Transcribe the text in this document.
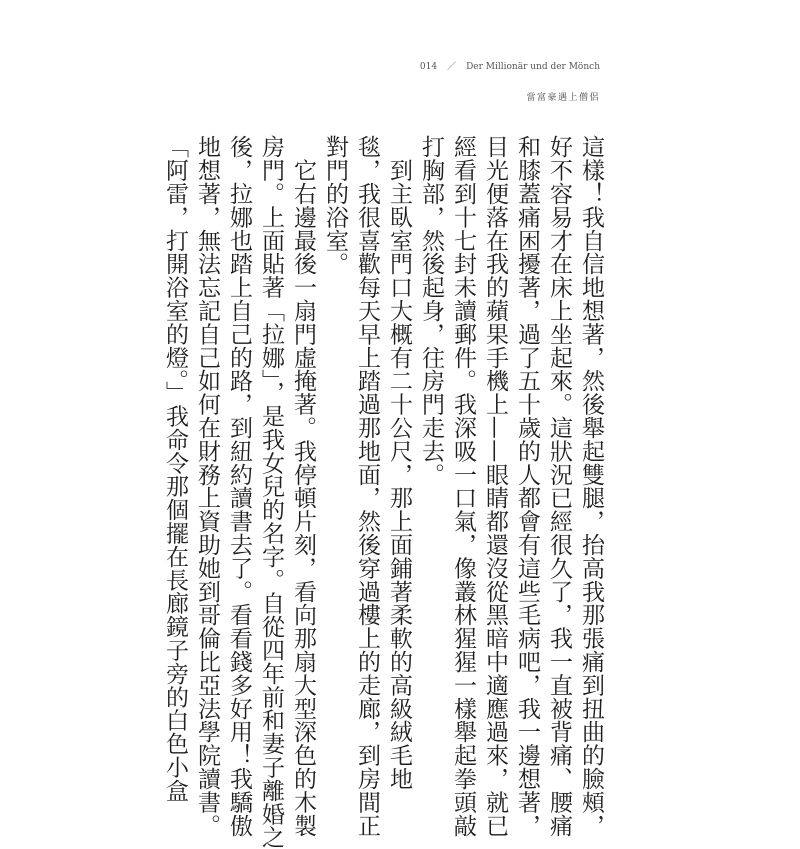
當富豪遇上僧侶
014 ／ Der Millionär und der Mönch
這樣！我自信地想著，然後舉起雙腿，抬高我那張痛到扭曲的臉頰，
好不容易才在床上坐起來。這狀況已經很久了，我一直被背痛、腰痛
和膝蓋痛困擾著，過了五十歲的人都會有這些毛病吧，我一邊想著，
目光便落在我的蘋果手機上——眼睛都還沒從黑暗中適應過來，就已
經看到十七封未讀郵件。我深吸一口氣，像叢林猩猩一樣舉起拳頭敲
打胸部，然後起身，往房門走去。
　到主臥室門口大概有二十公尺，那上面鋪著柔軟的高級絨毛地
毯，我很喜歡每天早上踏過那地面，然後穿過樓上的走廊，到房間正
對門的浴室。
　它右邊最後一扇門虛掩著。我停頓片刻，看向那扇大型深色的木製
房門。上面貼著「拉娜」，是我女兒的名字。自從四年前和妻子離婚之
後，拉娜也踏上自己的路，到紐約讀書去了。看看錢多好用！我驕傲
地想著，無法忘記自己如何在財務上資助她到哥倫比亞法學院讀書。
「阿雷，打開浴室的燈。」我命令那個擺在長廊鏡子旁的白色小盒
